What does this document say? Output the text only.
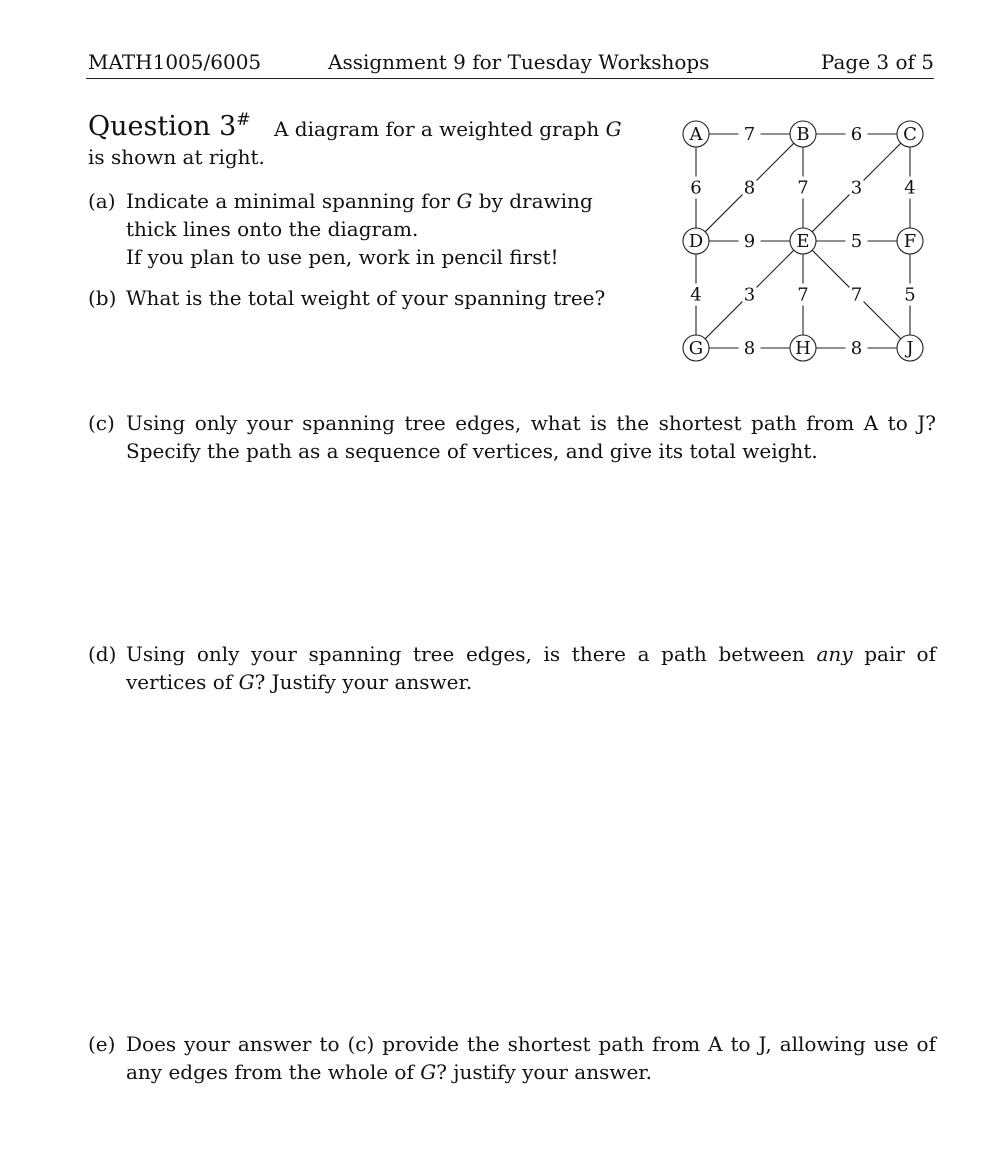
MATH1005/6005	Assignment 9 for Tuesday Workshops	Page 3 of 5
Question 3# A diagram for a weighted graph G
is shown at right.
(a) Indicate a minimal spanning for G by drawing

thick lines onto the diagram.

If you plan to use pen, work in pencil first!

(b) What is the total weight of your spanning tree?
(c) Using only your spanning tree edges, what is the shortest path from A to J? Specify the path as a sequence of vertices, and give its total weight.
(d) Using only your spanning tree edges, is there a path between any pair of vertices of G? Justify your answer.
(e) Does your answer to (c) provide the shortest path from A to J, allowing use of any edges from the whole of G? justify your answer.
7	6
6 8 7 3 4
9	5
4 3 7 7 5
8	8
A	B	C
D	E	F
G	H	J
